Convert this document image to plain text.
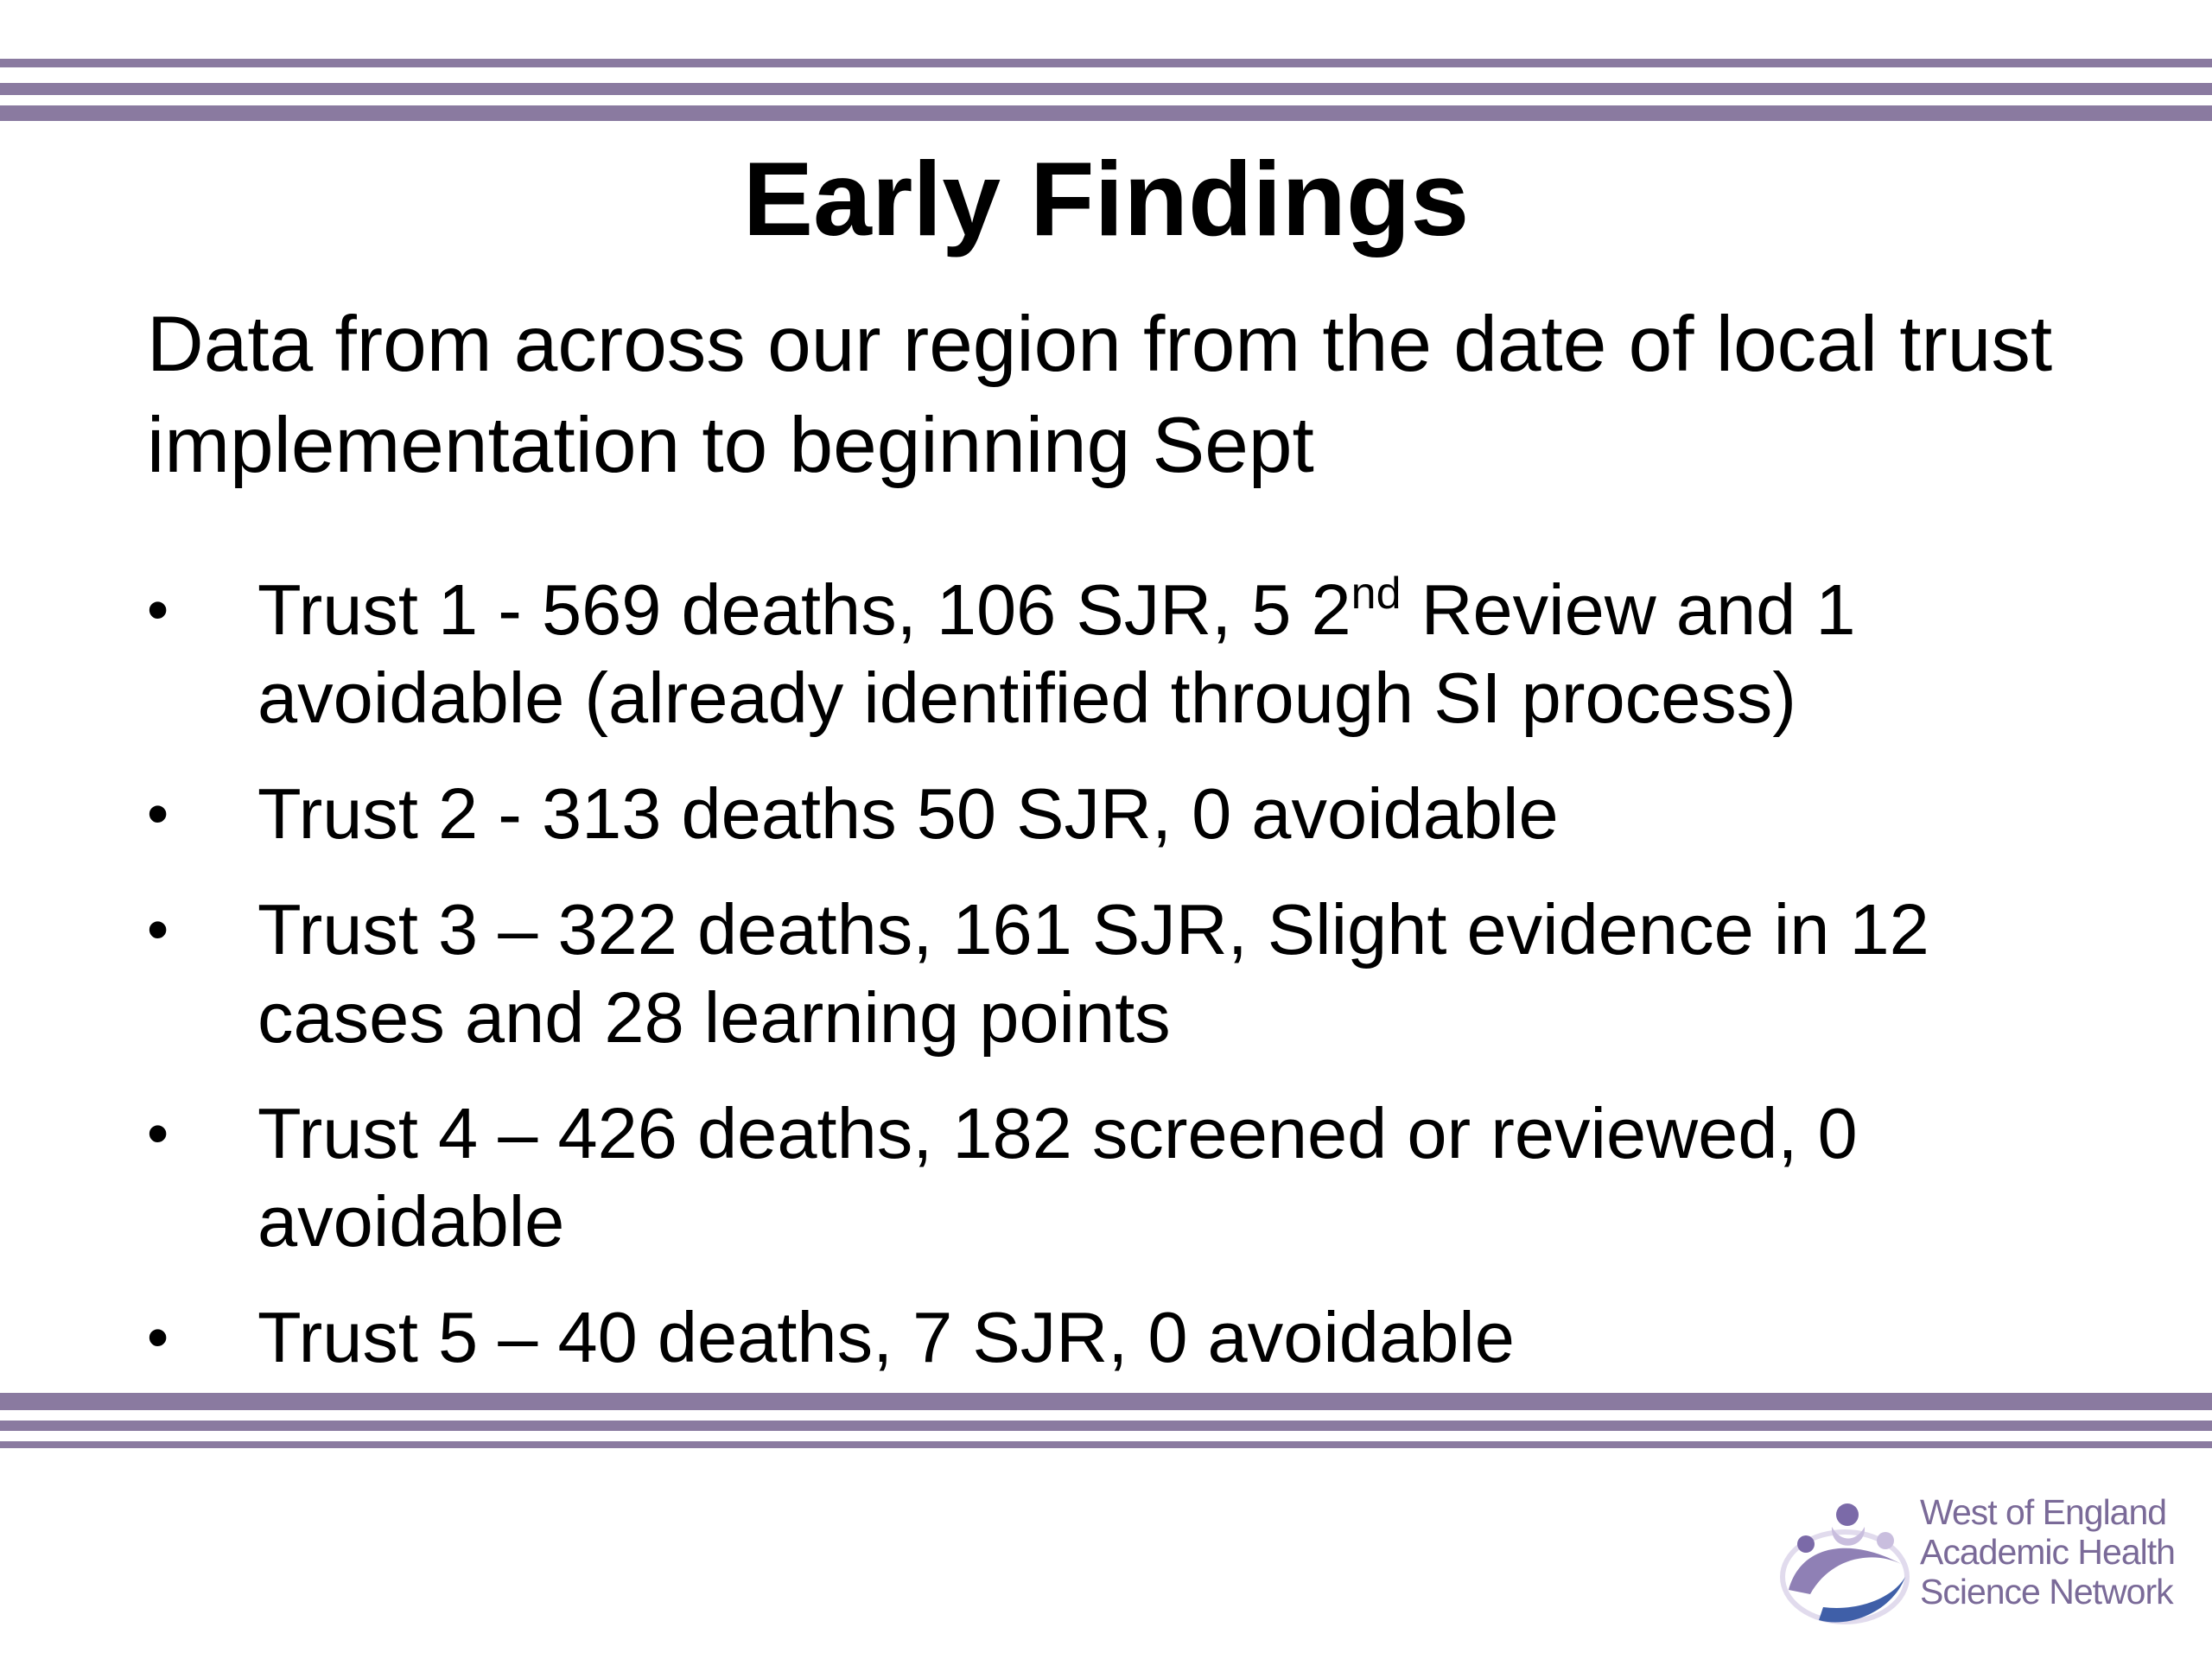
Early Findings

Data from across our region from the date of local trust implementation to beginning Sept

• Trust 1 - 569 deaths, 106 SJR, 5 2nd Review and 1 avoidable (already identified through SI process)
• Trust 2 - 313 deaths 50 SJR, 0 avoidable
• Trust 3 – 322 deaths, 161 SJR, Slight evidence in 12 cases and 28 learning points
• Trust 4 – 426 deaths, 182 screened or reviewed, 0 avoidable
• Trust 5 – 40 deaths, 7 SJR, 0 avoidable
West of England
Academic Health
Science Network
